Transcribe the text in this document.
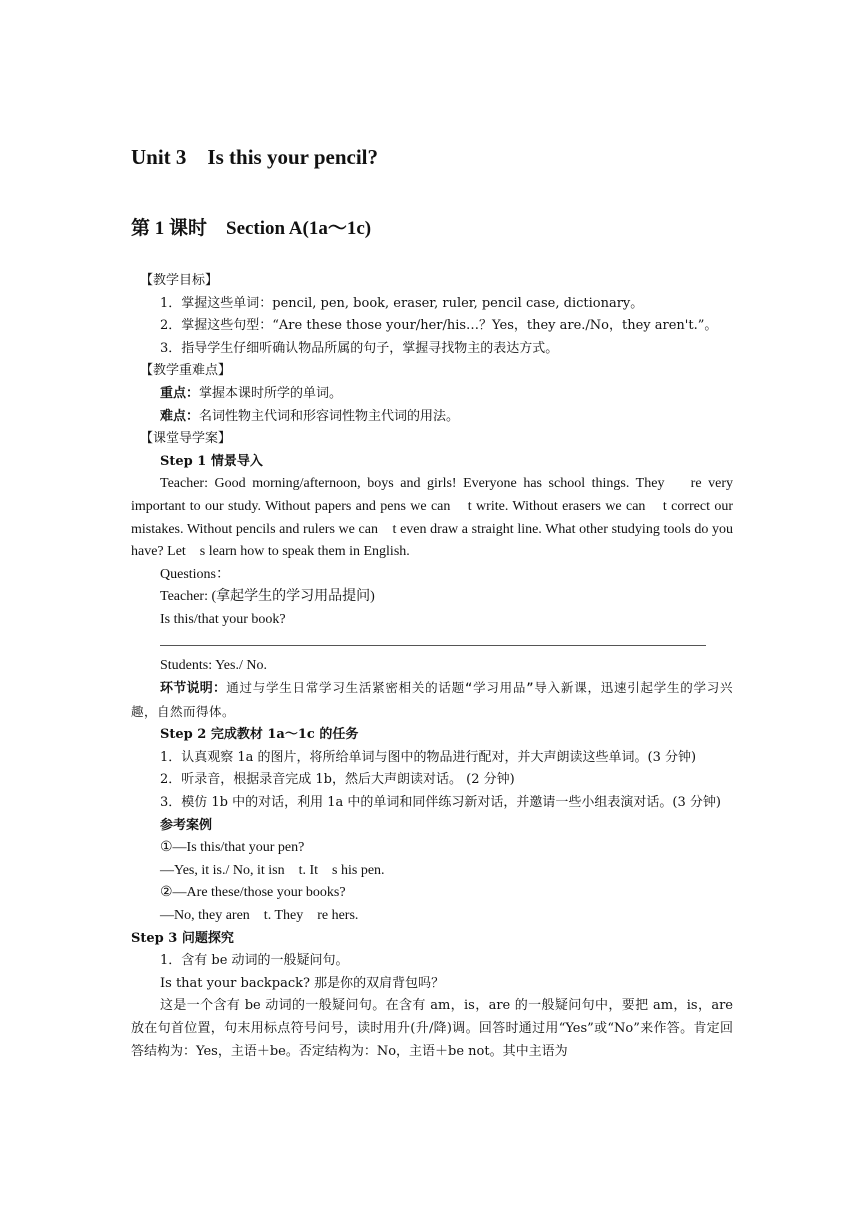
Unit 3    Is this your pencil?
第 1 课时    Section A(1a～1c)

【教学目标】

1．掌握这些单词：pencil, pen, book, eraser, ruler, pencil case, dictionary。

2．掌握这些句型：“Are these those your/her/his…？Yes，they are./No，they aren't.”。

3．指导学生仔细听确认物品所属的句子，掌握寻找物主的表达方式。

【教学重难点】

重点：掌握本课时所学的单词。

难点：名词性物主代词和形容词性物主代词的用法。

【课堂导学案】

Step 1 情景导入

Teacher: Good morning/afternoon, boys and girls! Everyone has school things. They    re very important to our study. Without papers and pens we can    t write. Without erasers we can    t correct our mistakes. Without pencils and rulers we can    t even draw a straight line. What other studying tools do you have? Let    s learn how to speak them in English.

Questions：

Teacher: (拿起学生的学习用品提问)

Is this/that your book?

Students: Yes./ No.

环节说明：通过与学生日常学习生活紧密相关的话题“学习用品”导入新课，迅速引起学生的学习兴趣，自然而得体。

Step 2 完成教材 1a～1c 的任务

1．认真观察 1a 的图片，将所给单词与图中的物品进行配对，并大声朗读这些单词。(3 分钟)

2．听录音，根据录音完成 1b，然后大声朗读对话。 (2 分钟)

3．模仿 1b 中的对话，利用 1a 中的单词和同伴练习新对话，并邀请一些小组表演对话。(3 分钟)

参考案例

①—Is this/that your pen?

—Yes, it is./ No, it isn    t. It    s his pen.

②—Are these/those your books?

—No, they aren    t. They    re hers.

Step 3 问题探究

1．含有 be 动词的一般疑问句。

Is that your backpack? 那是你的双肩背包吗？

这是一个含有 be 动词的一般疑问句。在含有 am，is，are 的一般疑问句中，要把 am，is，are 放在句首位置，句末用标点符号问号，读时用升(升/降)调。回答时通过用“Yes”或“No”来作答。肯定回答结构为：Yes，主语＋be。否定结构为：No，主语＋be not。其中主语为
